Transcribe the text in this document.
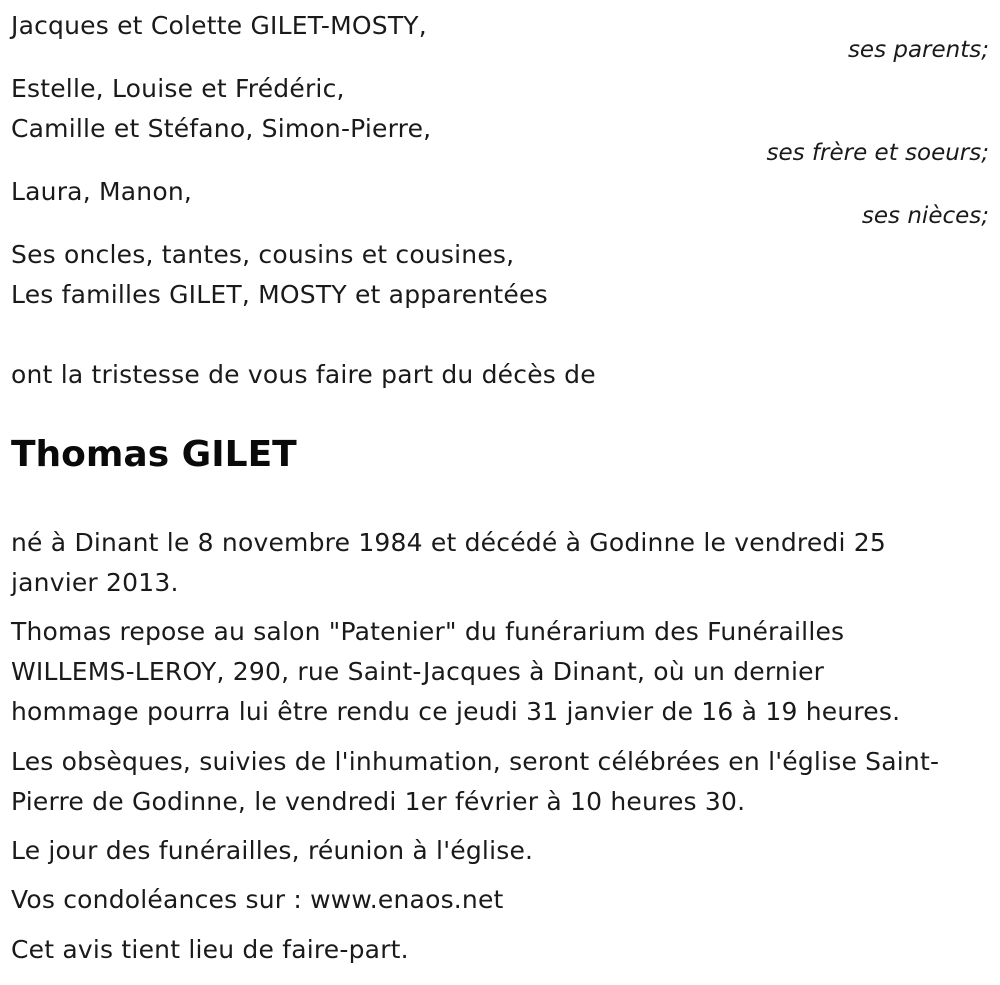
Jacques et Colette GILET-MOSTY,
ses parents;
Estelle, Louise et Frédéric,
Camille et Stéfano, Simon-Pierre,
ses frère et soeurs;
Laura, Manon,
ses nièces;
Ses oncles, tantes, cousins et cousines,
Les familles GILET, MOSTY et apparentées
ont la tristesse de vous faire part du décès de
Thomas GILET
né à Dinant le 8 novembre 1984 et décédé à Godinne le vendredi 25 janvier 2013.
Thomas repose au salon "Patenier" du funérarium des Funérailles WILLEMS-LEROY, 290, rue Saint-Jacques à Dinant, où un dernier hommage pourra lui être rendu ce jeudi 31 janvier de 16 à 19 heures.
Les obsèques, suivies de l'inhumation, seront célébrées en l'église Saint-Pierre de Godinne, le vendredi 1er février à 10 heures 30.
Le jour des funérailles, réunion à l'église.
Vos condoléances sur : www.enaos.net
Cet avis tient lieu de faire-part.
